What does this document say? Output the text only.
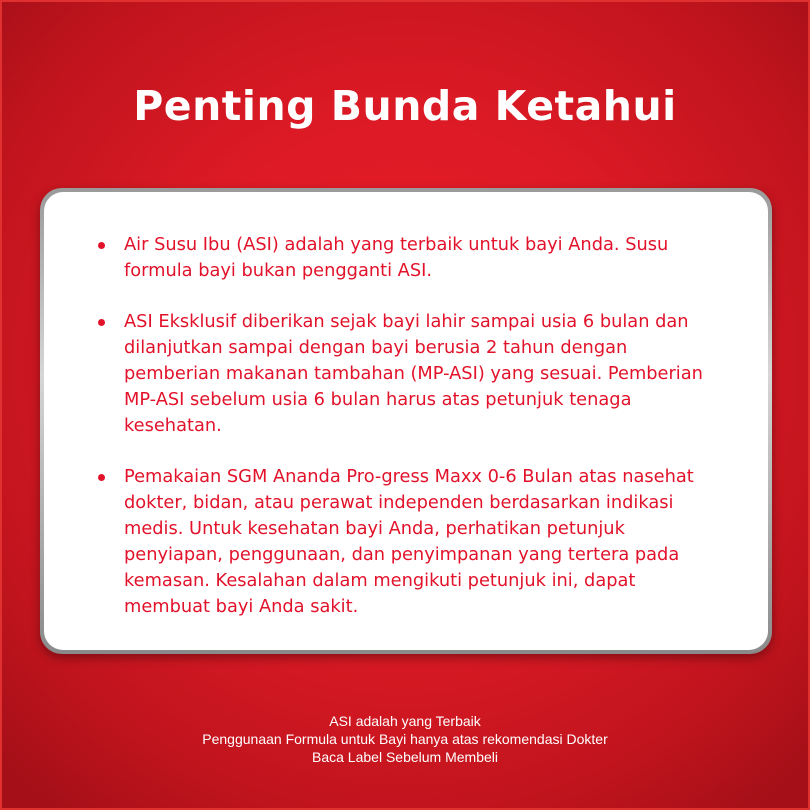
Penting Bunda Ketahui
Air Susu Ibu (ASI) adalah yang terbaik untuk bayi Anda. Susu formula bayi bukan pengganti ASI.
ASI Eksklusif diberikan sejak bayi lahir sampai usia 6 bulan dan dilanjutkan sampai dengan bayi berusia 2 tahun dengan pemberian makanan tambahan (MP-ASI) yang sesuai. Pemberian MP-ASI sebelum usia 6 bulan harus atas petunjuk tenaga kesehatan.
Pemakaian SGM Ananda Pro-gress Maxx 0-6 Bulan atas nasehat dokter, bidan, atau perawat independen berdasarkan indikasi medis. Untuk kesehatan bayi Anda, perhatikan petunjuk penyiapan, penggunaan, dan penyimpanan yang tertera pada kemasan. Kesalahan dalam mengikuti petunjuk ini, dapat membuat bayi Anda sakit.
ASI adalah yang Terbaik
Penggunaan Formula untuk Bayi hanya atas rekomendasi Dokter
Baca Label Sebelum Membeli
